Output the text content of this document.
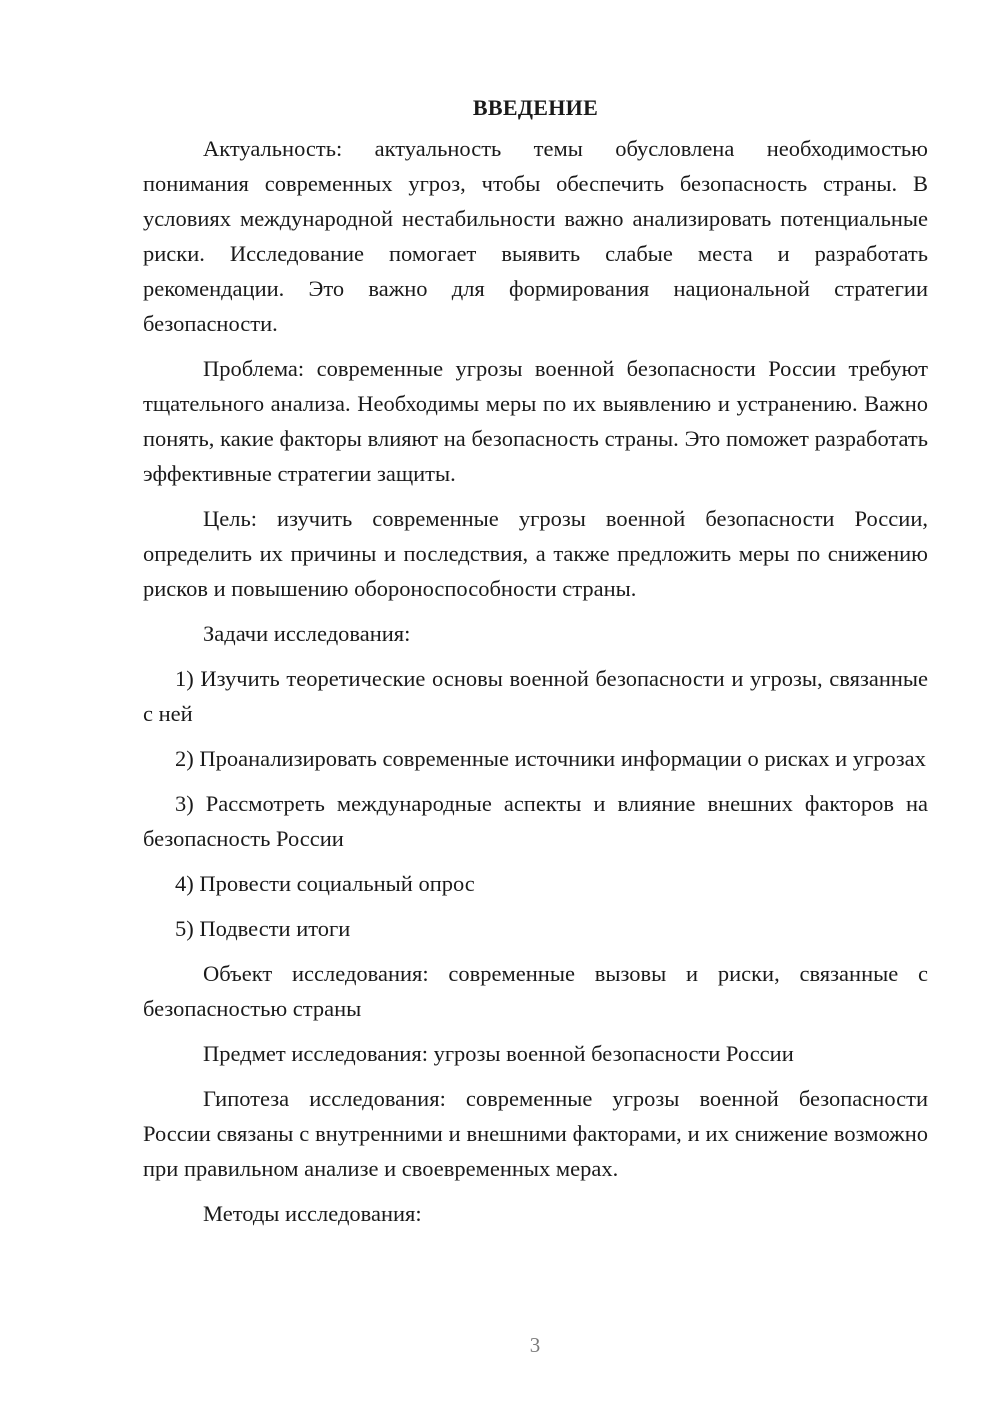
ВВЕДЕНИЕ

Актуальность: актуальность темы обусловлена необходимостью понимания современных угроз, чтобы обеспечить безопасность страны. В условиях международной нестабильности важно анализировать потенциальные риски. Исследование помогает выявить слабые места и разработать рекомендации. Это важно для формирования национальной стратегии безопасности.

Проблема: современные угрозы военной безопасности России требуют тщательного анализа. Необходимы меры по их выявлению и устранению. Важно понять, какие факторы влияют на безопасность страны. Это поможет разработать эффективные стратегии защиты.

Цель: изучить современные угрозы военной безопасности России, определить их причины и последствия, а также предложить меры по снижению рисков и повышению обороноспособности страны.

Задачи исследования:

1) Изучить теоретические основы военной безопасности и угрозы, связанные с ней

2) Проанализировать современные источники информации о рисках и угрозах

3) Рассмотреть международные аспекты и влияние внешних факторов на безопасность России

4) Провести социальный опрос

5) Подвести итоги

Объект исследования: современные вызовы и риски, связанные с безопасностью страны

Предмет исследования: угрозы военной безопасности России

Гипотеза исследования: современные угрозы военной безопасности России связаны с внутренними и внешними факторами, и их снижение возможно при правильном анализе и своевременных мерах.

Методы исследования:

3
